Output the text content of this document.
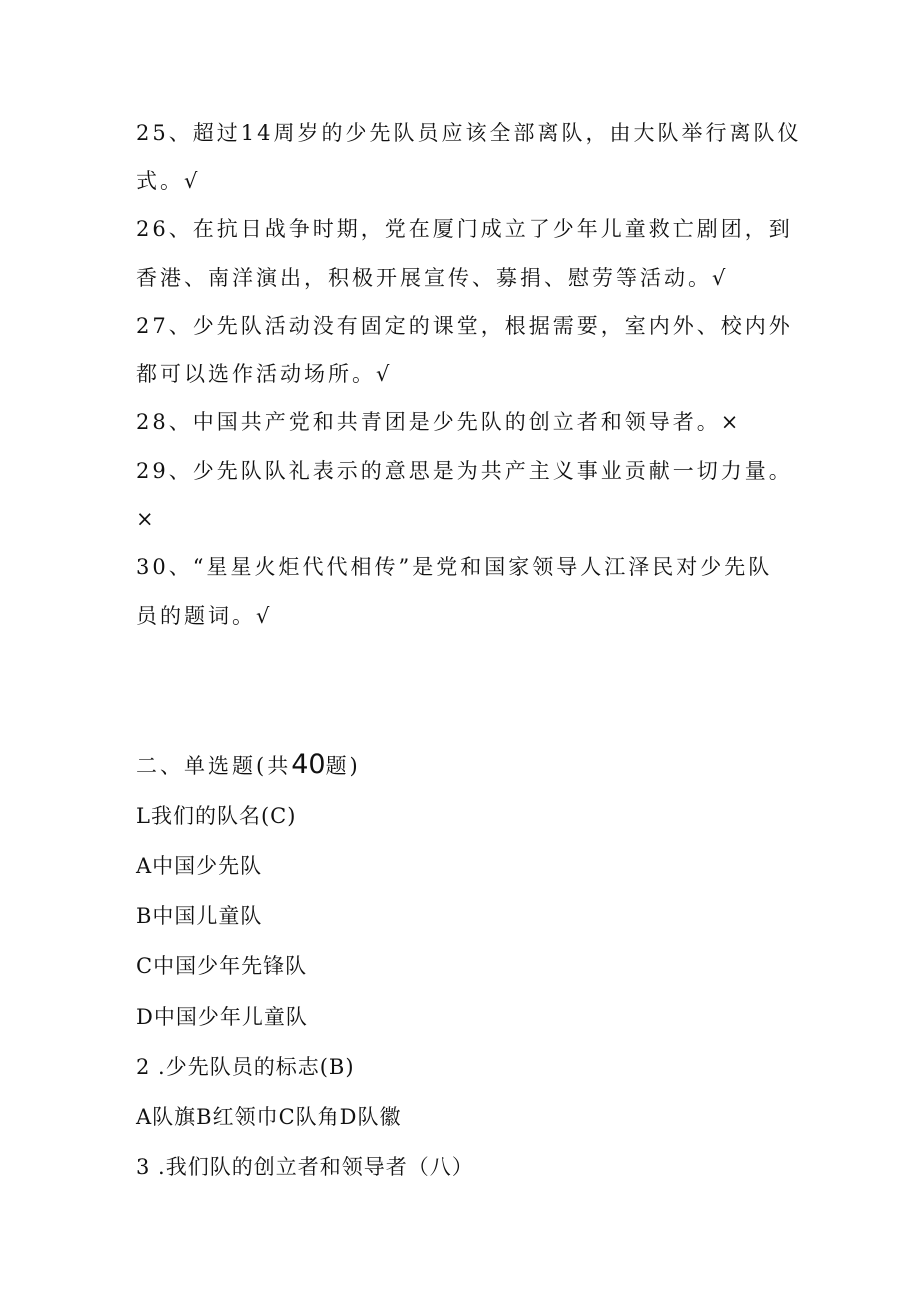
25、超过14周岁的少先队员应该全部离队，由大队举行离队仪
式。√
26、在抗日战争时期，党在厦门成立了少年儿童救亡剧团，到
香港、南洋演出，积极开展宣传、募捐、慰劳等活动。√
27、少先队活动没有固定的课堂，根据需要，室内外、校内外
都可以选作活动场所。√
28、中国共产党和共青团是少先队的创立者和领导者。×
29、少先队队礼表示的意思是为共产主义事业贡献一切力量。
×
30、“星星火炬代代相传”是党和国家领导人江泽民对少先队
员的题词。√
二、单选题(共40题)
L我们的队名(C)
A中国少先队
B中国儿童队
C中国少年先锋队
D中国少年儿童队
2 .少先队员的标志(B)
A队旗B红领巾C队角D队徽
3 .我们队的创立者和领导者（八）
